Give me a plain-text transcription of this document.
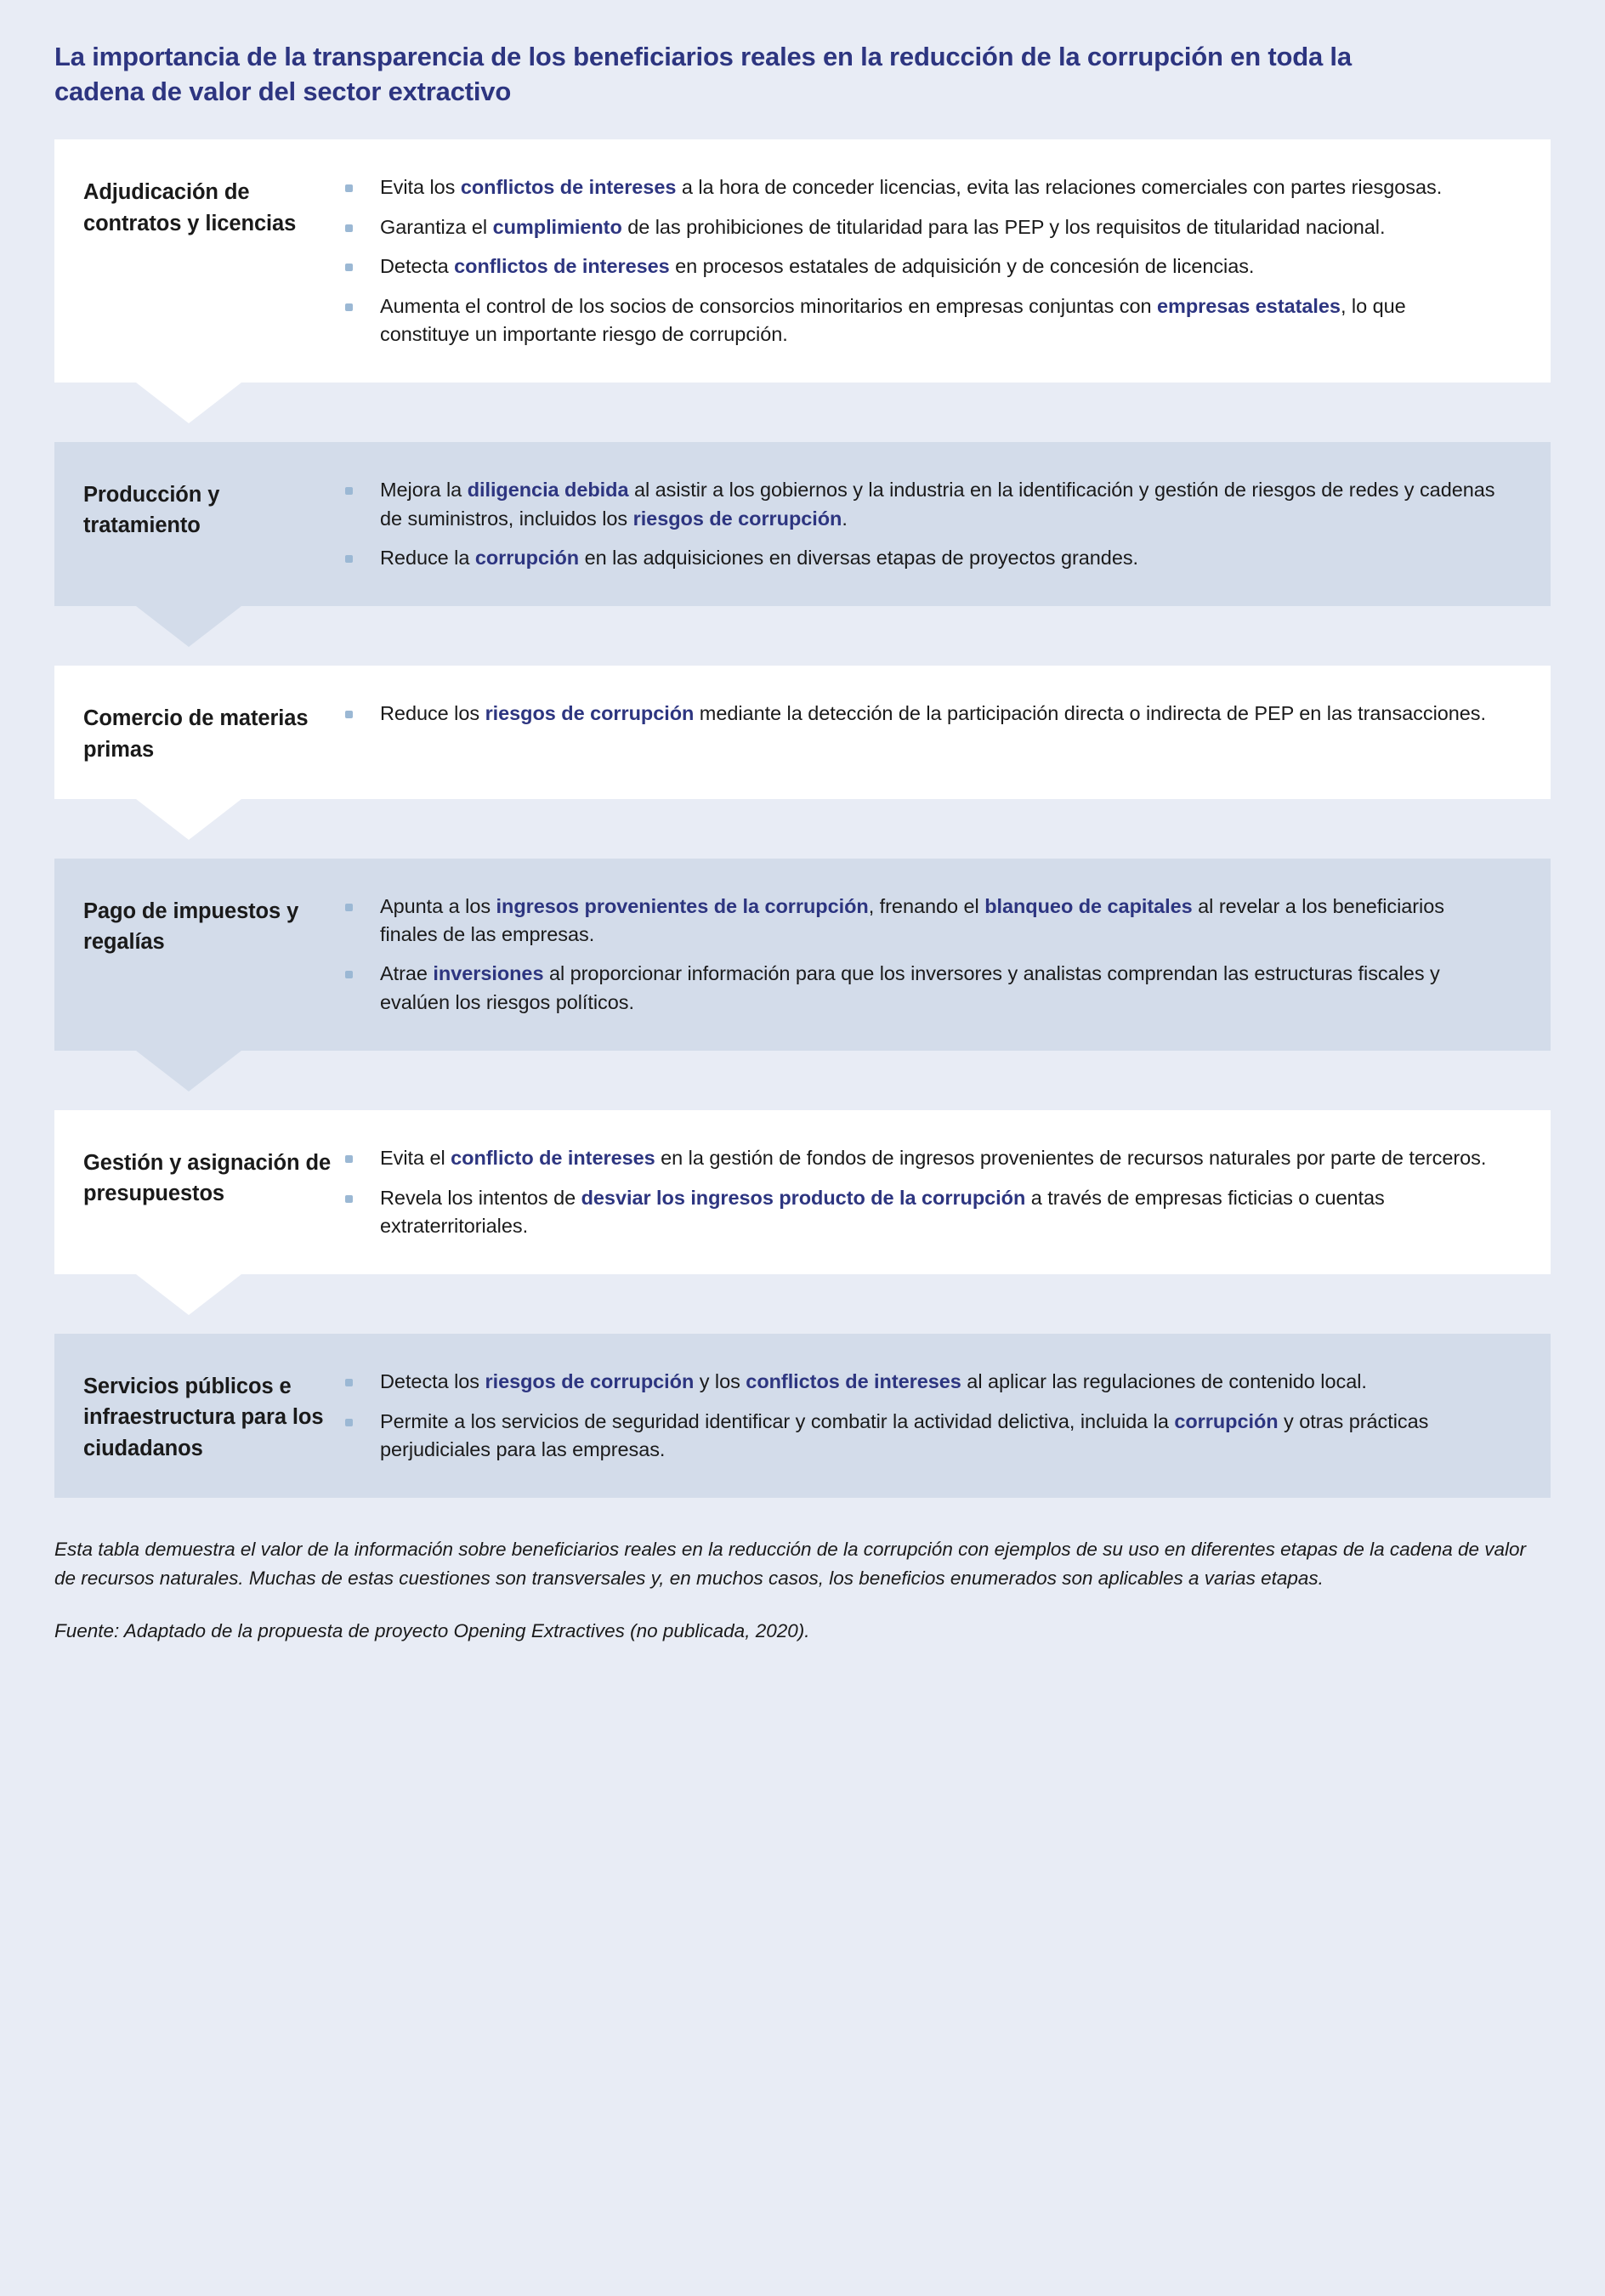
La importancia de la transparencia de los beneficiarios reales en la reducción de la corrupción en toda la cadena de valor del sector extractivo
Adjudicación de contratos y licencias
Evita los conflictos de intereses a la hora de conceder licencias, evita las relaciones comerciales con partes riesgosas.
Garantiza el cumplimiento de las prohibiciones de titularidad para las PEP y los requisitos de titularidad nacional.
Detecta conflictos de intereses en procesos estatales de adquisición y de concesión de licencias.
Aumenta el control de los socios de consorcios minoritarios en empresas conjuntas con empresas estatales, lo que constituye un importante riesgo de corrupción.
Producción y tratamiento
Mejora la diligencia debida al asistir a los gobiernos y la industria en la identificación y gestión de riesgos de redes y cadenas de suministros, incluidos los riesgos de corrupción.
Reduce la corrupción en las adquisiciones en diversas etapas de proyectos grandes.
Comercio de materias primas
Reduce los riesgos de corrupción mediante la detección de la participación directa o indirecta de PEP en las transacciones.
Pago de impuestos y regalías
Apunta a los ingresos provenientes de la corrupción, frenando el blanqueo de capitales al revelar a los beneficiarios finales de las empresas.
Atrae inversiones al proporcionar información para que los inversores y analistas comprendan las estructuras fiscales y evalúen los riesgos políticos.
Gestión y asignación de presupuestos
Evita el conflicto de intereses en la gestión de fondos de ingresos provenientes de recursos naturales por parte de terceros.
Revela los intentos de desviar los ingresos producto de la corrupción a través de empresas ficticias o cuentas extraterritoriales.
Servicios públicos e infraestructura para los ciudadanos
Detecta los riesgos de corrupción y los conflictos de intereses al aplicar las regulaciones de contenido local.
Permite a los servicios de seguridad identificar y combatir la actividad delictiva, incluida la corrupción y otras prácticas perjudiciales para las empresas.

Esta tabla demuestra el valor de la información sobre beneficiarios reales en la reducción de la corrupción con ejemplos de su uso en diferentes etapas de la cadena de valor de recursos naturales. Muchas de estas cuestiones son transversales y, en muchos casos, los beneficios enumerados son aplicables a varias etapas.

Fuente: Adaptado de la propuesta de proyecto Opening Extractives (no publicada, 2020).
